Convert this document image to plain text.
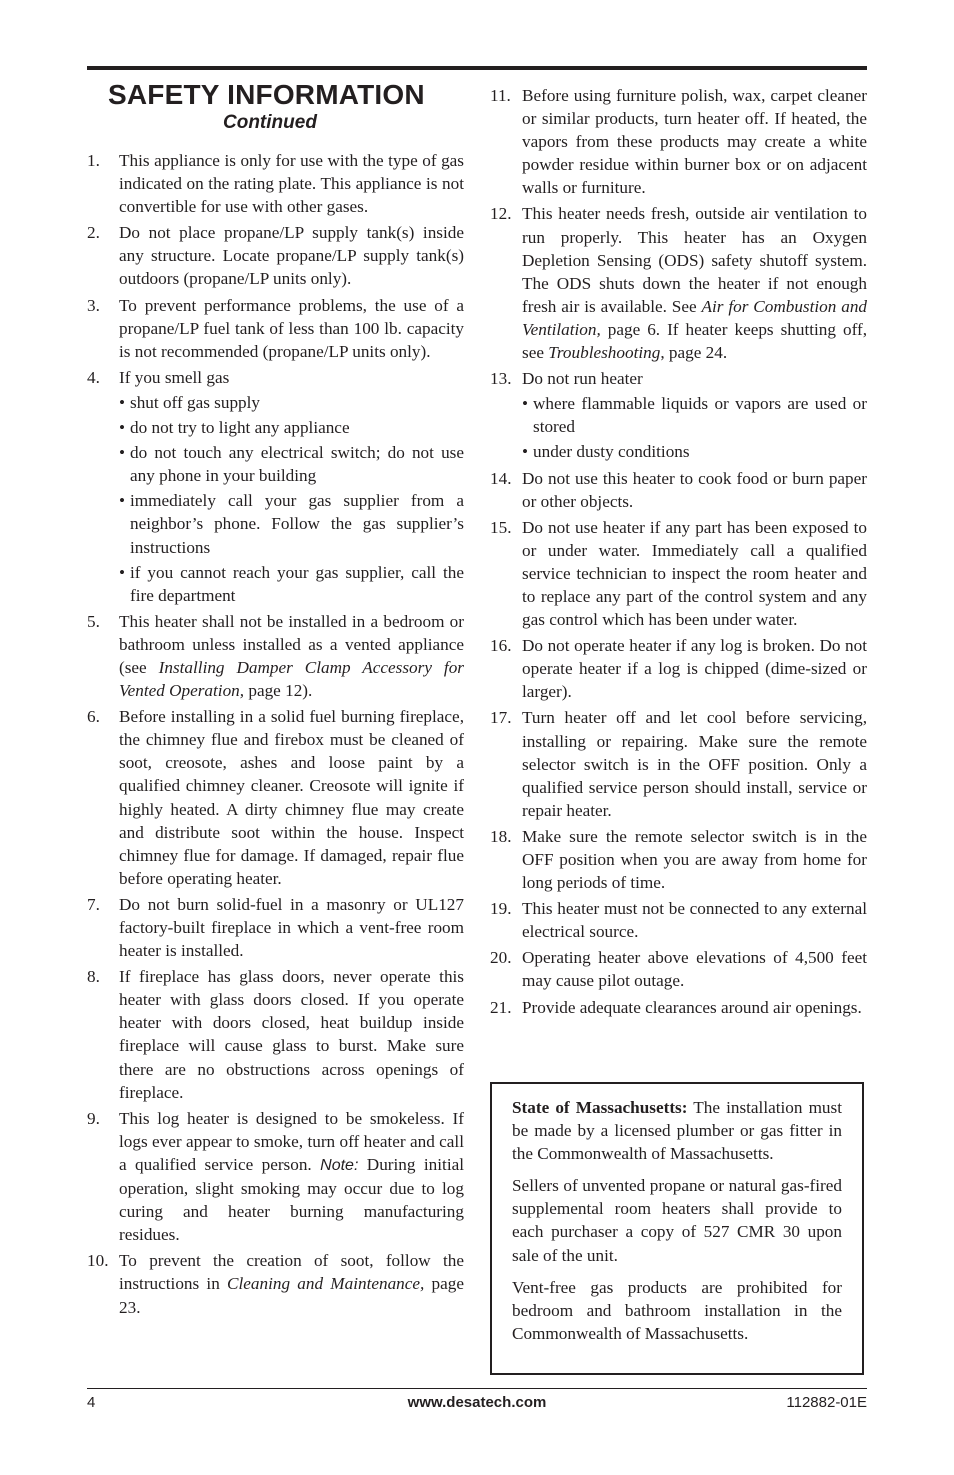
SAFETY INFORMATION
Continued
1. This appliance is only for use with the type of gas indicated on the rating plate. This appliance is not convertible for use with other gases.
2. Do not place propane/LP supply tank(s) inside any structure. Locate propane/LP supply tank(s) outdoors (propane/LP units only).
3. To prevent performance problems, the use of a propane/LP fuel tank of less than 100 lb. capacity is not recommended (propane/LP units only).
4. If you smell gas
• shut off gas supply
• do not try to light any appliance
• do not touch any electrical switch; do not use any phone in your building
• immediately call your gas supplier from a neighbor’s phone. Follow the gas supplier’s instructions
• if you cannot reach your gas supplier, call the fire department
5. This heater shall not be installed in a bedroom or bathroom unless installed as a vented appliance (see Installing Damper Clamp Accessory for Vented Operation, page 12).
6. Before installing in a solid fuel burning fireplace, the chimney flue and firebox must be cleaned of soot, creosote, ashes and loose paint by a qualified chimney cleaner. Creosote will ignite if highly heated. A dirty chimney flue may create and distribute soot within the house. Inspect chimney flue for damage. If damaged, repair flue before operating heater.
7. Do not burn solid-fuel in a masonry or UL127 factory-built fireplace in which a vent-free room heater is installed.
8. If fireplace has glass doors, never operate this heater with glass doors closed. If you operate heater with doors closed, heat buildup inside fireplace will cause glass to burst. Make sure there are no obstructions across openings of fireplace.
9. This log heater is designed to be smokeless. If logs ever appear to smoke, turn off heater and call a qualified service person. Note: During initial operation, slight smoking may occur due to log curing and heater burning manufacturing residues.
10. To prevent the creation of soot, follow the instructions in Cleaning and Maintenance, page 23.
11. Before using furniture polish, wax, carpet cleaner or similar products, turn heater off. If heated, the vapors from these products may create a white powder residue within burner box or on adjacent walls or furniture.
12. This heater needs fresh, outside air ventilation to run properly. This heater has an Oxygen Depletion Sensing (ODS) safety shutoff system. The ODS shuts down the heater if not enough fresh air is available. See Air for Combustion and Ventilation, page 6. If heater keeps shutting off, see Troubleshooting, page 24.
13. Do not run heater
• where flammable liquids or vapors are used or stored
• under dusty conditions
14. Do not use this heater to cook food or burn paper or other objects.
15. Do not use heater if any part has been exposed to or under water. Immediately call a qualified service technician to inspect the room heater and to replace any part of the control system and any gas control which has been under water.
16. Do not operate heater if any log is broken. Do not operate heater if a log is chipped (dime-sized or larger).
17. Turn heater off and let cool before servicing, installing or repairing. Make sure the remote selector switch is in the OFF position. Only a qualified service person should install, service or repair heater.
18. Make sure the remote selector switch is in the OFF position when you are away from home for long periods of time.
19. This heater must not be connected to any external electrical source.
20. Operating heater above elevations of 4,500 feet may cause pilot outage.
21. Provide adequate clearances around air openings.

State of Massachusetts: The installation must be made by a licensed plumber or gas fitter in the Commonwealth of Massachusetts.

Sellers of unvented propane or natural gas-fired supplemental room heaters shall provide to each purchaser a copy of 527 CMR 30 upon sale of the unit.

Vent-free gas products are prohibited for bedroom and bathroom installation in the Commonwealth of Massachusetts.

www.desatech.com
4	112882-01E
